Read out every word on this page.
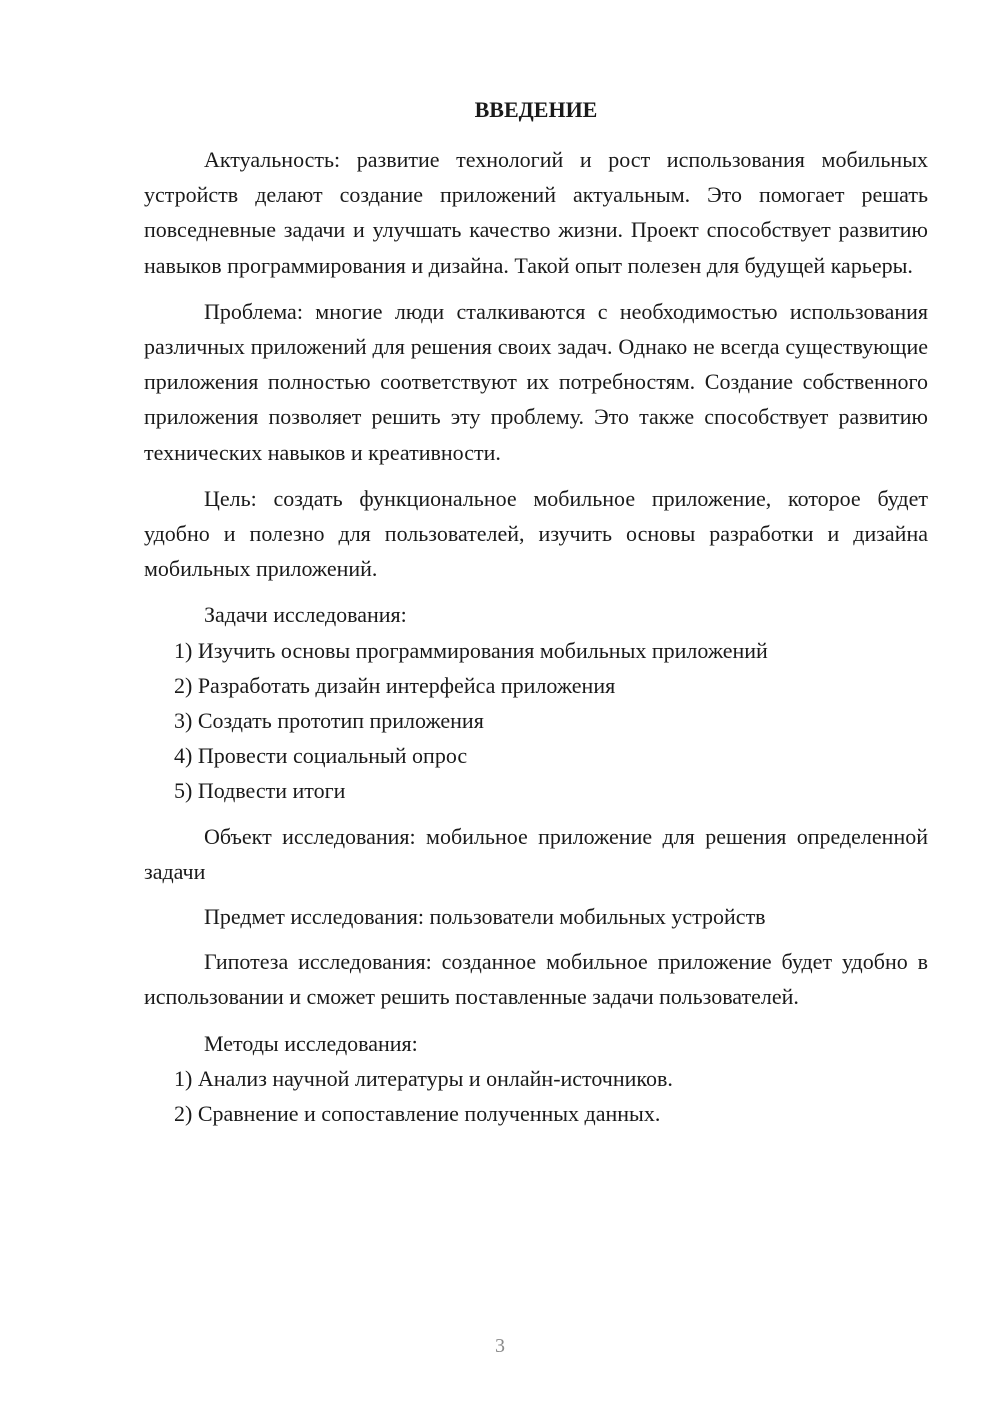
ВВЕДЕНИЕ

Актуальность: развитие технологий и рост использования мобильных устройств делают создание приложений актуальным. Это помогает решать повседневные задачи и улучшать качество жизни. Проект способствует развитию навыков программирования и дизайна. Такой опыт полезен для будущей карьеры.

Проблема: многие люди сталкиваются с необходимостью использования различных приложений для решения своих задач. Однако не всегда существующие приложения полностью соответствуют их потребностям. Создание собственного приложения позволяет решить эту проблему. Это также способствует развитию технических навыков и креативности.

Цель: создать функциональное мобильное приложение, которое будет удобно и полезно для пользователей, изучить основы разработки и дизайна мобильных приложений.

Задачи исследования:

1) Изучить основы программирования мобильных приложений

2) Разработать дизайн интерфейса приложения

3) Создать прототип приложения

4) Провести социальный опрос

5) Подвести итоги

Объект исследования: мобильное приложение для решения определенной задачи

Предмет исследования: пользователи мобильных устройств

Гипотеза исследования: созданное мобильное приложение будет удобно в использовании и сможет решить поставленные задачи пользователей.

Методы исследования:

1) Анализ научной литературы и онлайн-источников.

2) Сравнение и сопоставление полученных данных.

3
